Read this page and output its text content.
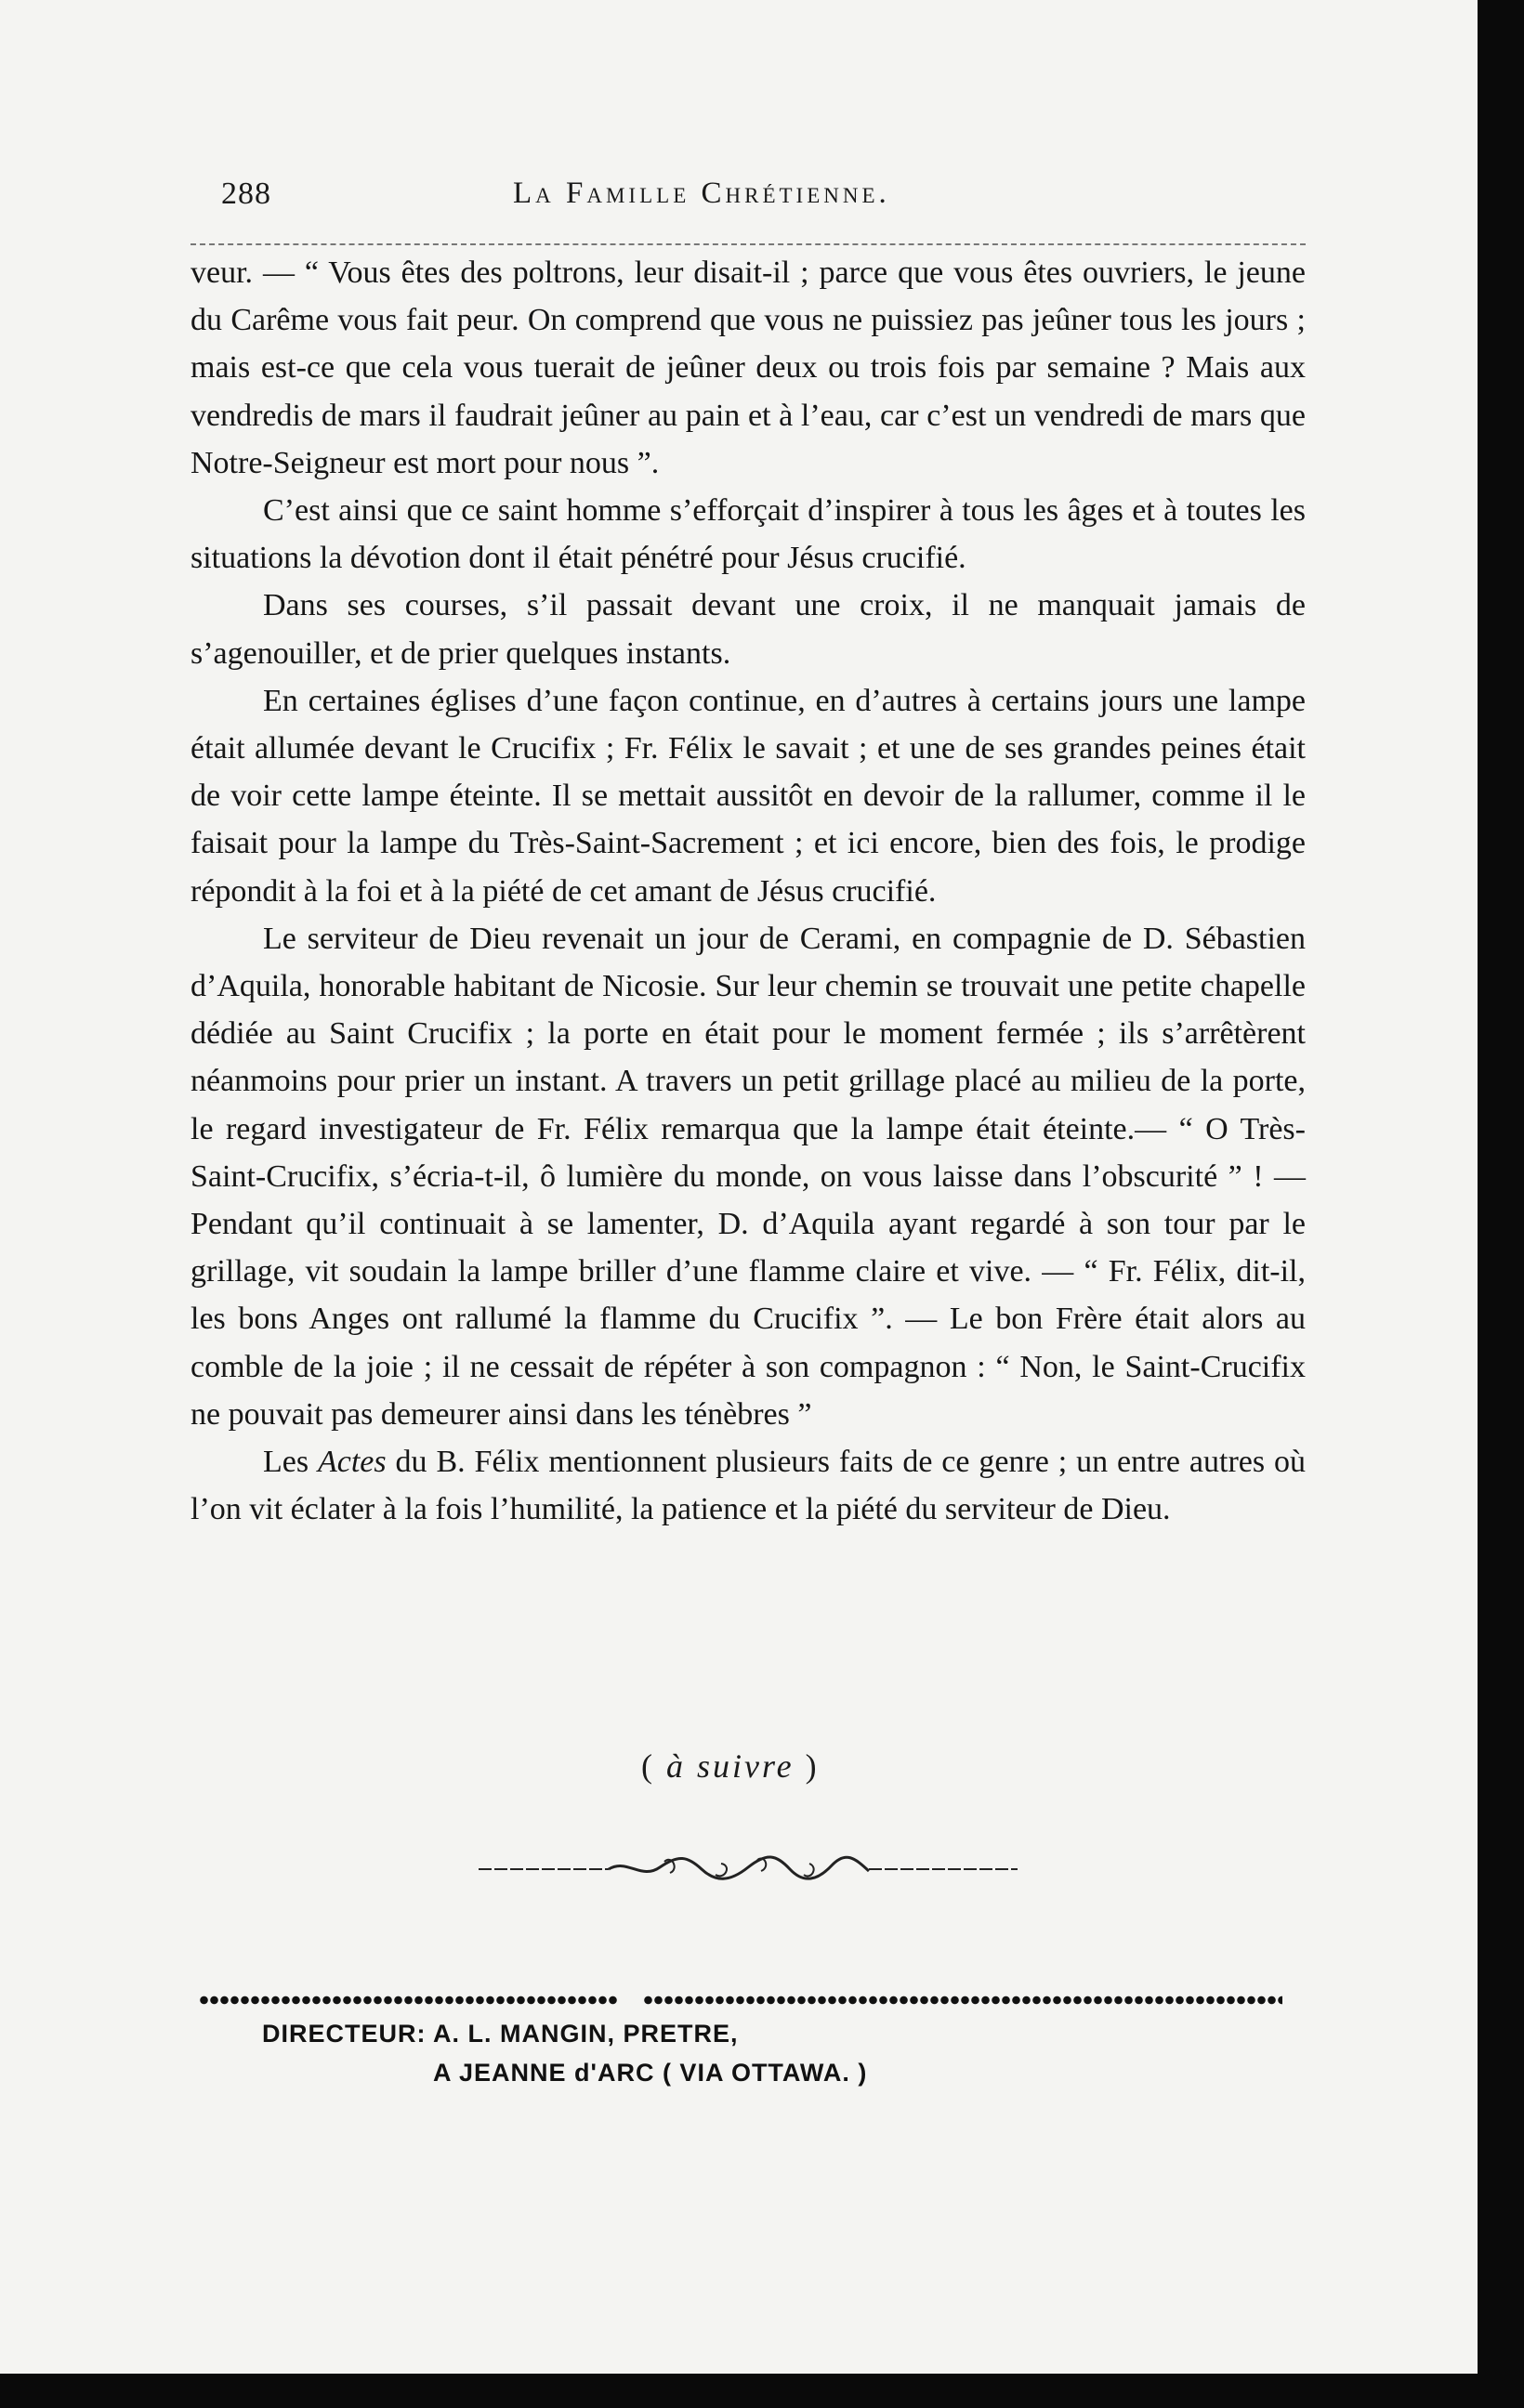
288	La Famille Chrétienne.

veur. — “ Vous êtes des poltrons, leur disait-il ; parce que vous êtes ouvriers, le jeune du Carême vous fait peur. On comprend que vous ne puissiez pas jeûner tous les jours ; mais est-ce que cela vous tuerait de jeûner deux ou trois fois par semaine ? Mais aux vendredis de mars il faudrait jeûner au pain et à l’eau, car c’est un vendredi de mars que Notre-Seigneur est mort pour nous ”.

C’est ainsi que ce saint homme s’efforçait d’inspirer à tous les âges et à toutes les situations la dévotion dont il était pénétré pour Jésus crucifié.

Dans ses courses, s’il passait devant une croix, il ne manquait jamais de s’agenouiller, et de prier quelques instants.

En certaines églises d’une façon continue, en d’autres à certains jours une lampe était allumée devant le Crucifix ; Fr. Félix le savait ; et une de ses grandes peines était de voir cette lampe éteinte. Il se mettait aussitôt en devoir de la rallumer, comme il le faisait pour la lampe du Très-Saint-Sacrement ; et ici encore, bien des fois, le prodige répondit à la foi et à la piété de cet amant de Jésus crucifié.

Le serviteur de Dieu revenait un jour de Cerami, en compagnie de D. Sébastien d’Aquila, honorable habitant de Nicosie. Sur leur chemin se trouvait une petite chapelle dédiée au Saint Crucifix ; la porte en était pour le moment fermée ; ils s’arrêtèrent néanmoins pour prier un instant. A travers un petit grillage placé au milieu de la porte, le regard investigateur de Fr. Félix remarqua que la lampe était éteinte.— “ O Très-Saint-Crucifix, s’écria-t-il, ô lumière du monde, on vous laisse dans l’obscurité ” ! — Pendant qu’il continuait à se lamenter, D. d’Aquila ayant regardé à son tour par le grillage, vit soudain la lampe briller d’une flamme claire et vive. — “ Fr. Félix, dit-il, les bons Anges ont rallumé la flamme du Crucifix ”. — Le bon Frère était alors au comble de la joie ; il ne cessait de répéter à son compagnon : “ Non, le Saint-Crucifix ne pouvait pas demeurer ainsi dans les ténèbres ”

Les Actes du B. Félix mentionnent plusieurs faits de ce genre ; un entre autres où l’on vit éclater à la fois l’humilité, la patience et la piété du serviteur de Dieu.

( à suivre )
DIRECTEUR: A. L. MANGIN, PRETRE,
A JEANNE d'ARC ( VIA OTTAWA. )
